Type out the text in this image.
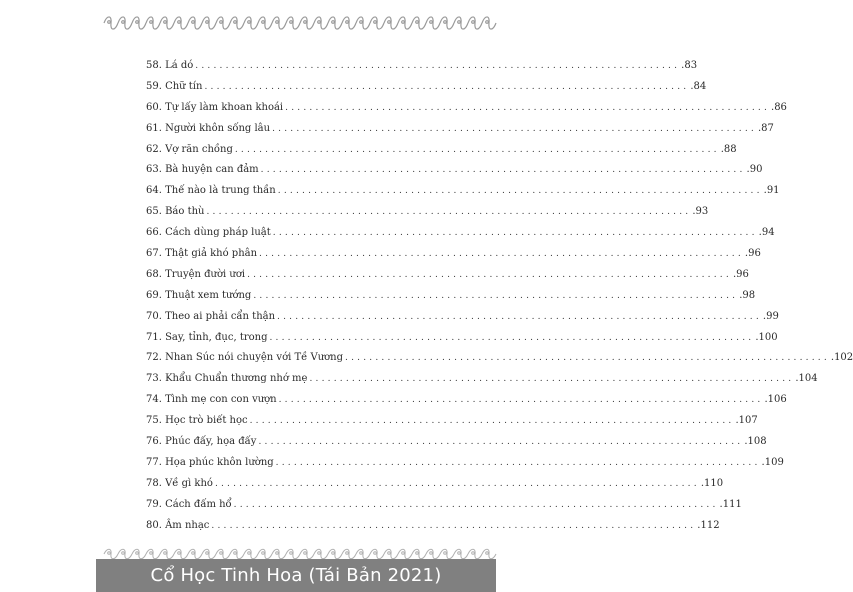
58. Lá dó ................................................................................ .83
59. Chữ tín ................................................................................ .84
60. Tự lấy làm khoan khoái ................................................................................ .86
61. Người khôn sống lâu ................................................................................ .87
62. Vợ răn chồng ................................................................................ .88
63. Bà huyện can đảm ................................................................................ .90
64. Thế nào là trung thần ................................................................................ .91
65. Báo thù ................................................................................ .93
66. Cách dùng pháp luật ................................................................................ .94
67. Thật giả khó phân ................................................................................ .96
68. Truyện đười ươi ................................................................................ .96
69. Thuật xem tướng ................................................................................ .98
70. Theo ai phải cẩn thận ................................................................................ .99
71. Say, tỉnh, đục, trong ................................................................................ .100
72. Nhan Súc nói chuyện với Tề Vương ................................................................................ .102
73. Khẩu Chuẩn thương nhớ mẹ ................................................................................ .104
74. Tình mẹ con con vượn ................................................................................ .106
75. Học trò biết học ................................................................................ .107
76. Phúc đấy, họa đấy ................................................................................ .108
77. Họa phúc khôn lường ................................................................................ .109
78. Về gì khó ................................................................................ .110
79. Cách đấm hổ ................................................................................ .111
80. Âm nhạc ................................................................................ .112
Cổ Học Tinh Hoa (Tái Bản 2021)
